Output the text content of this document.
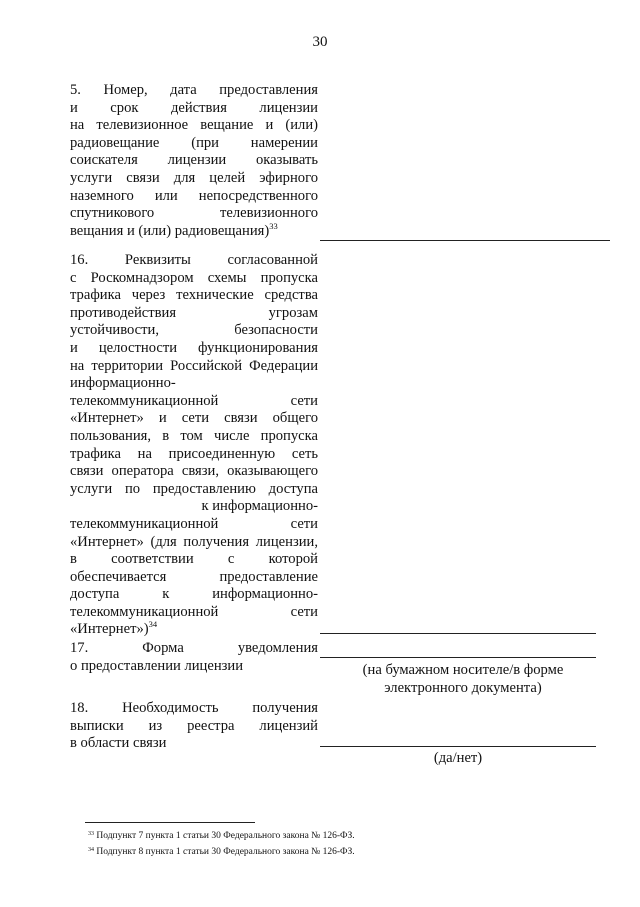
30
5. Номер, дата предоставления
и срок действия лицензии
на телевизионное вещание и (или)
радиовещание (при намерении
соискателя лицензии оказывать
услуги связи для целей эфирного
наземного или непосредственного
спутникового телевизионного
вещания и (или) радиовещания)$^{33}$
16. Реквизиты согласованной
с Роскомнадзором схемы пропуска
трафика через технические средства
противодействия угрозам
устойчивости, безопасности
и целостности функционирования
на территории Российской Федерации
информационно-
телекоммуникационной сети
«Интернет» и сети связи общего
пользования, в том числе пропуска
трафика на присоединенную сеть
связи оператора связи, оказывающего
услуги по предоставлению доступа
к информационно-
телекоммуникационной сети
«Интернет» (для получения лицензии,
в соответствии с которой
обеспечивается предоставление
доступа к информационно-
телекоммуникационной сети
«Интернет»)$^{34}$
17. Форма уведомления
о предоставлении лицензии	(на бумажном носителе/в форме электронного документа)
18. Необходимость получения
выписки из реестра лицензий
в области связи
(да/нет)
$^{33}$ Подпункт 7 пункта 1 статьи 30 Федерального закона № 126-ФЗ.
$^{34}$ Подпункт 8 пункта 1 статьи 30 Федерального закона № 126-ФЗ.
